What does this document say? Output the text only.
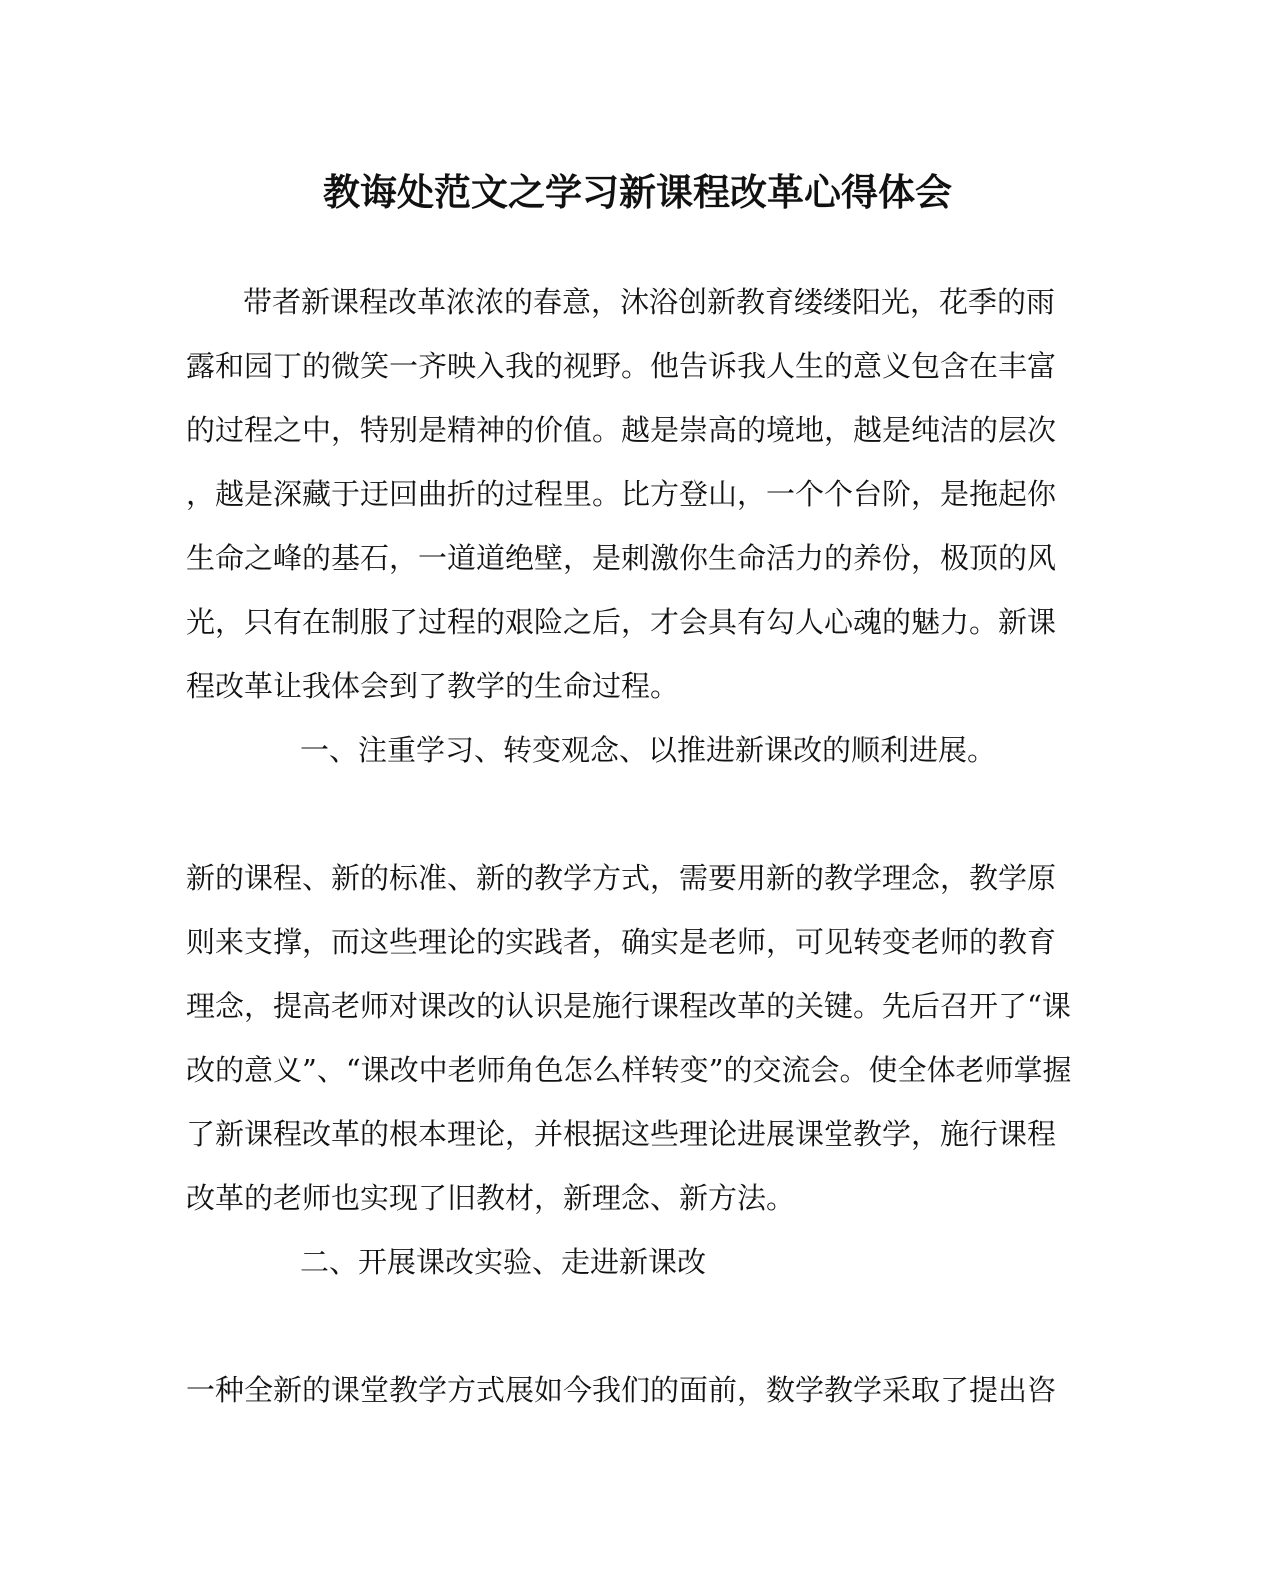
教诲处范文之学习新课程改革心得体会
带者新课程改革浓浓的春意，沐浴创新教育缕缕阳光，花季的雨
露和园丁的微笑一齐映入我的视野。他告诉我人生的意义包含在丰富
的过程之中，特别是精神的价值。越是崇高的境地，越是纯洁的层次
，越是深藏于迂回曲折的过程里。比方登山，一个个台阶，是拖起你
生命之峰的基石，一道道绝壁，是刺激你生命活力的养份，极顶的风
光，只有在制服了过程的艰险之后，才会具有勾人心魂的魅力。新课
程改革让我体会到了教学的生命过程。
一、注重学习、转变观念、以推进新课改的顺利进展。
新的课程、新的标准、新的教学方式，需要用新的教学理念，教学原
则来支撑，而这些理论的实践者，确实是老师，可见转变老师的教育
理念，提高老师对课改的认识是施行课程改革的关键。先后召开了“课
改的意义”、“课改中老师角色怎么样转变”的交流会。使全体老师掌握
了新课程改革的根本理论，并根据这些理论进展课堂教学，施行课程
改革的老师也实现了旧教材，新理念、新方法。
二、开展课改实验、走进新课改
一种全新的课堂教学方式展如今我们的面前，数学教学采取了提出咨
